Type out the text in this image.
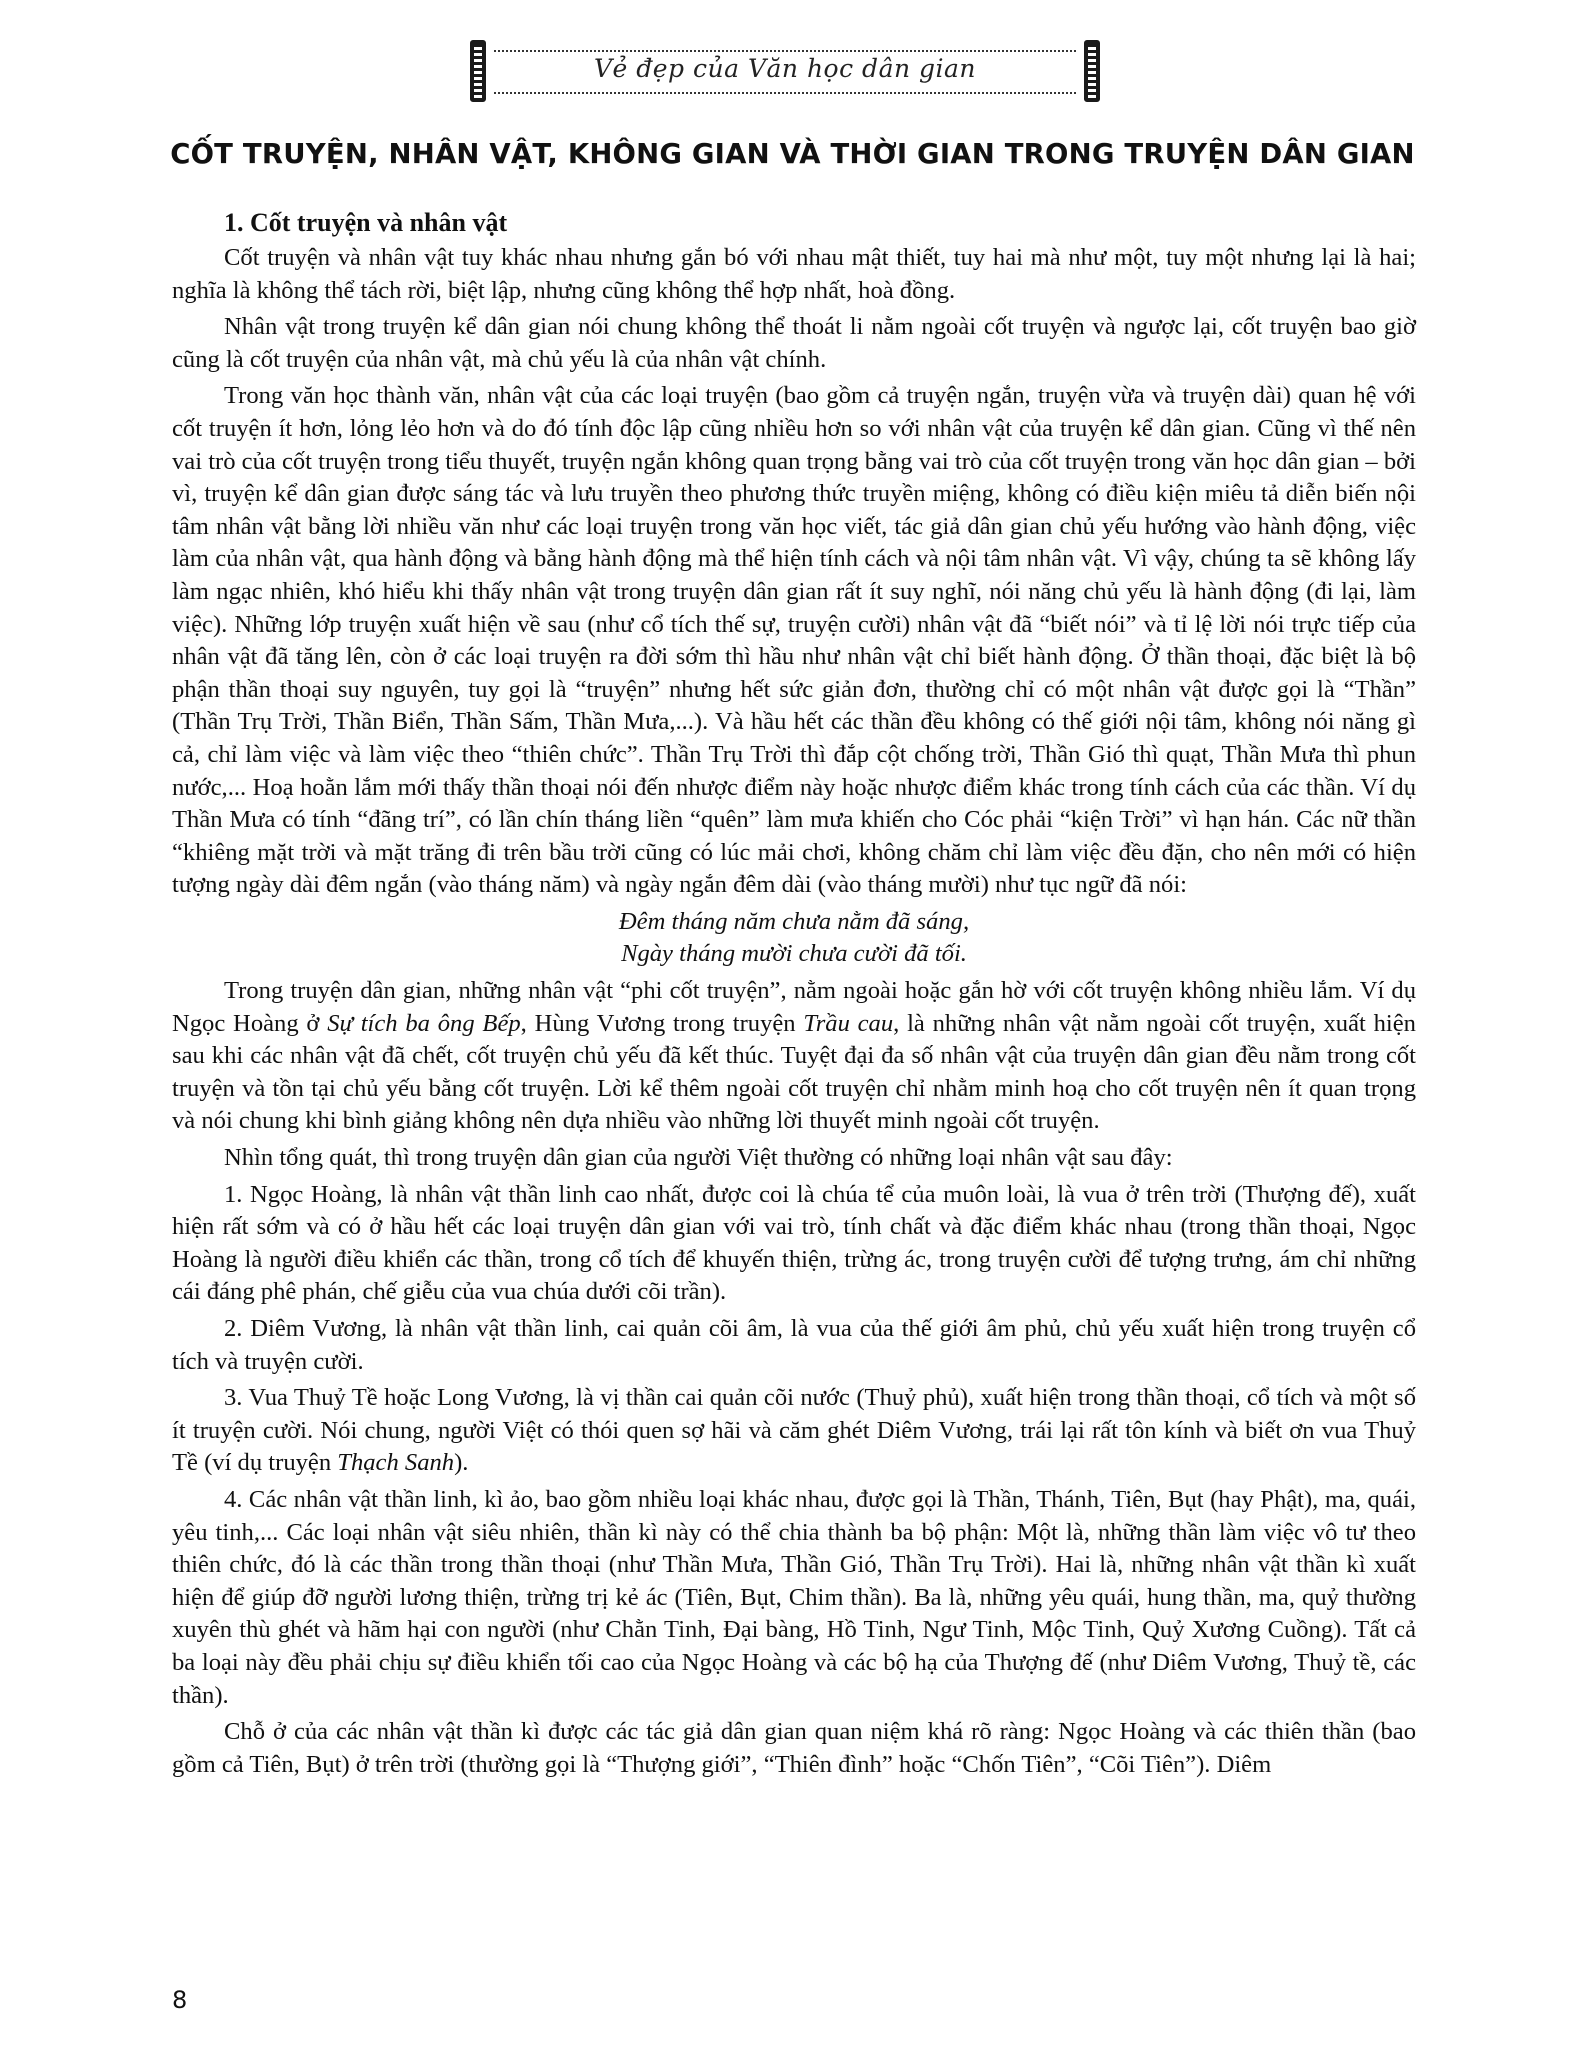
Vẻ đẹp của Văn học dân gian
CỐT TRUYỆN, NHÂN VẬT, KHÔNG GIAN VÀ THỜI GIAN TRONG TRUYỆN DÂN GIAN
1. Cốt truyện và nhân vật

Cốt truyện và nhân vật tuy khác nhau nhưng gắn bó với nhau mật thiết, tuy hai mà như một, tuy một nhưng lại là hai; nghĩa là không thể tách rời, biệt lập, nhưng cũng không thể hợp nhất, hoà đồng.

Nhân vật trong truyện kể dân gian nói chung không thể thoát li nằm ngoài cốt truyện và ngược lại, cốt truyện bao giờ cũng là cốt truyện của nhân vật, mà chủ yếu là của nhân vật chính.

Trong văn học thành văn, nhân vật của các loại truyện (bao gồm cả truyện ngắn, truyện vừa và truyện dài) quan hệ với cốt truyện ít hơn, lỏng lẻo hơn và do đó tính độc lập cũng nhiều hơn so với nhân vật của truyện kể dân gian. Cũng vì thế nên vai trò của cốt truyện trong tiểu thuyết, truyện ngắn không quan trọng bằng vai trò của cốt truyện trong văn học dân gian – bởi vì, truyện kể dân gian được sáng tác và lưu truyền theo phương thức truyền miệng, không có điều kiện miêu tả diễn biến nội tâm nhân vật bằng lời nhiều văn như các loại truyện trong văn học viết, tác giả dân gian chủ yếu hướng vào hành động, việc làm của nhân vật, qua hành động và bằng hành động mà thể hiện tính cách và nội tâm nhân vật. Vì vậy, chúng ta sẽ không lấy làm ngạc nhiên, khó hiểu khi thấy nhân vật trong truyện dân gian rất ít suy nghĩ, nói năng chủ yếu là hành động (đi lại, làm việc). Những lớp truyện xuất hiện về sau (như cổ tích thế sự, truyện cười) nhân vật đã “biết nói” và tỉ lệ lời nói trực tiếp của nhân vật đã tăng lên, còn ở các loại truyện ra đời sớm thì hầu như nhân vật chỉ biết hành động. Ở thần thoại, đặc biệt là bộ phận thần thoại suy nguyên, tuy gọi là “truyện” nhưng hết sức giản đơn, thường chỉ có một nhân vật được gọi là “Thần” (Thần Trụ Trời, Thần Biển, Thần Sấm, Thần Mưa,...). Và hầu hết các thần đều không có thế giới nội tâm, không nói năng gì cả, chỉ làm việc và làm việc theo “thiên chức”. Thần Trụ Trời thì đắp cột chống trời, Thần Gió thì quạt, Thần Mưa thì phun nước,... Hoạ hoằn lắm mới thấy thần thoại nói đến nhược điểm này hoặc nhược điểm khác trong tính cách của các thần. Ví dụ Thần Mưa có tính “đãng trí”, có lần chín tháng liền “quên” làm mưa khiến cho Cóc phải “kiện Trời” vì hạn hán. Các nữ thần “khiêng mặt trời và mặt trăng đi trên bầu trời cũng có lúc mải chơi, không chăm chỉ làm việc đều đặn, cho nên mới có hiện tượng ngày dài đêm ngắn (vào tháng năm) và ngày ngắn đêm dài (vào tháng mười) như tục ngữ đã nói:

Đêm tháng năm chưa nằm đã sáng,

Ngày tháng mười chưa cười đã tối.

Trong truyện dân gian, những nhân vật “phi cốt truyện”, nằm ngoài hoặc gắn hờ với cốt truyện không nhiều lắm. Ví dụ Ngọc Hoàng ở Sự tích ba ông Bếp, Hùng Vương trong truyện Trầu cau, là những nhân vật nằm ngoài cốt truyện, xuất hiện sau khi các nhân vật đã chết, cốt truyện chủ yếu đã kết thúc. Tuyệt đại đa số nhân vật của truyện dân gian đều nằm trong cốt truyện và tồn tại chủ yếu bằng cốt truyện. Lời kể thêm ngoài cốt truyện chỉ nhằm minh hoạ cho cốt truyện nên ít quan trọng và nói chung khi bình giảng không nên dựa nhiều vào những lời thuyết minh ngoài cốt truyện.

Nhìn tổng quát, thì trong truyện dân gian của người Việt thường có những loại nhân vật sau đây:

1. Ngọc Hoàng, là nhân vật thần linh cao nhất, được coi là chúa tể của muôn loài, là vua ở trên trời (Thượng đế), xuất hiện rất sớm và có ở hầu hết các loại truyện dân gian với vai trò, tính chất và đặc điểm khác nhau (trong thần thoại, Ngọc Hoàng là người điều khiển các thần, trong cổ tích để khuyến thiện, trừng ác, trong truyện cười để tượng trưng, ám chỉ những cái đáng phê phán, chế giễu của vua chúa dưới cõi trần).

2. Diêm Vương, là nhân vật thần linh, cai quản cõi âm, là vua của thế giới âm phủ, chủ yếu xuất hiện trong truyện cổ tích và truyện cười.

3. Vua Thuỷ Tề hoặc Long Vương, là vị thần cai quản cõi nước (Thuỷ phủ), xuất hiện trong thần thoại, cổ tích và một số ít truyện cười. Nói chung, người Việt có thói quen sợ hãi và căm ghét Diêm Vương, trái lại rất tôn kính và biết ơn vua Thuỷ Tề (ví dụ truyện Thạch Sanh).

4. Các nhân vật thần linh, kì ảo, bao gồm nhiều loại khác nhau, được gọi là Thần, Thánh, Tiên, Bụt (hay Phật), ma, quái, yêu tinh,... Các loại nhân vật siêu nhiên, thần kì này có thể chia thành ba bộ phận: Một là, những thần làm việc vô tư theo thiên chức, đó là các thần trong thần thoại (như Thần Mưa, Thần Gió, Thần Trụ Trời). Hai là, những nhân vật thần kì xuất hiện để giúp đỡ người lương thiện, trừng trị kẻ ác (Tiên, Bụt, Chim thần). Ba là, những yêu quái, hung thần, ma, quỷ thường xuyên thù ghét và hãm hại con người (như Chằn Tinh, Đại bàng, Hồ Tinh, Ngư Tinh, Mộc Tinh, Quỷ Xương Cuồng). Tất cả ba loại này đều phải chịu sự điều khiển tối cao của Ngọc Hoàng và các bộ hạ của Thượng đế (như Diêm Vương, Thuỷ tề, các thần).

Chỗ ở của các nhân vật thần kì được các tác giả dân gian quan niệm khá rõ ràng: Ngọc Hoàng và các thiên thần (bao gồm cả Tiên, Bụt) ở trên trời (thường gọi là “Thượng giới”, “Thiên đình” hoặc “Chốn Tiên”, “Cõi Tiên”). Diêm

8
